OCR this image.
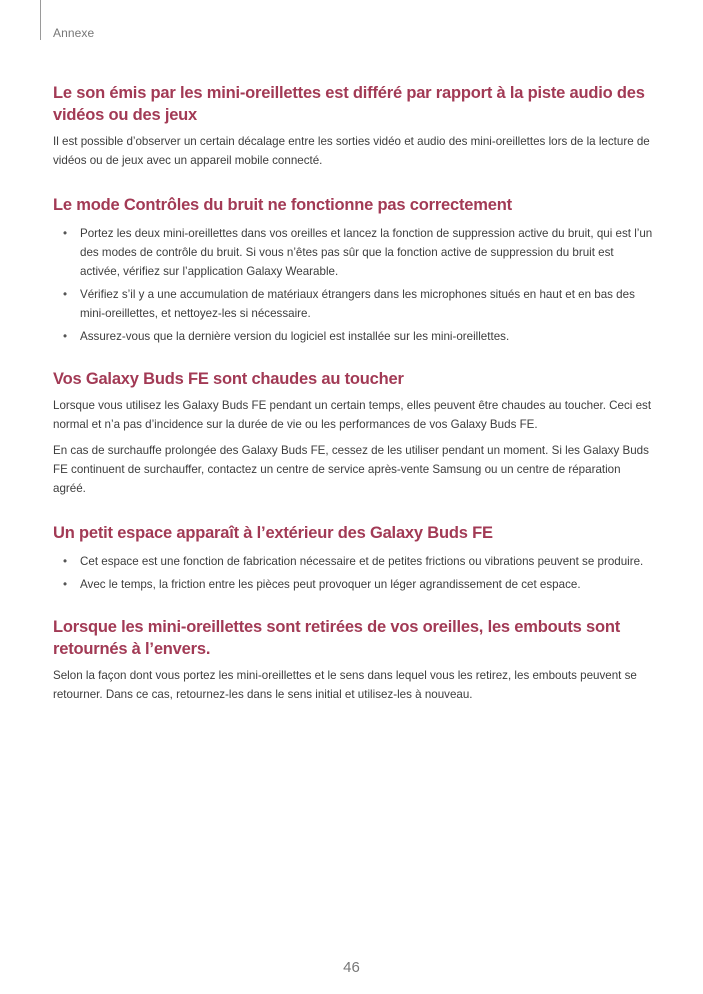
Annexe
Le son émis par les mini-oreillettes est différé par rapport à la piste audio des vidéos ou des jeux

Il est possible d’observer un certain décalage entre les sorties vidéo et audio des mini-oreillettes lors de la lecture de vidéos ou de jeux avec un appareil mobile connecté.

Le mode Contrôles du bruit ne fonctionne pas correctement
• Portez les deux mini-oreillettes dans vos oreilles et lancez la fonction de suppression active du bruit, qui est l’un des modes de contrôle du bruit. Si vous n’êtes pas sûr que la fonction active de suppression du bruit est activée, vérifiez sur l’application Galaxy Wearable.
• Vérifiez s’il y a une accumulation de matériaux étrangers dans les microphones situés en haut et en bas des mini-oreillettes, et nettoyez-les si nécessaire.
• Assurez-vous que la dernière version du logiciel est installée sur les mini-oreillettes.
Vos Galaxy Buds FE sont chaudes au toucher

Lorsque vous utilisez les Galaxy Buds FE pendant un certain temps, elles peuvent être chaudes au toucher. Ceci est normal et n’a pas d’incidence sur la durée de vie ou les performances de vos Galaxy Buds FE.

En cas de surchauffe prolongée des Galaxy Buds FE, cessez de les utiliser pendant un moment. Si les Galaxy Buds FE continuent de surchauffer, contactez un centre de service après-vente Samsung ou un centre de réparation agréé.

Un petit espace apparaît à l’extérieur des Galaxy Buds FE
• Cet espace est une fonction de fabrication nécessaire et de petites frictions ou vibrations peuvent se produire.
• Avec le temps, la friction entre les pièces peut provoquer un léger agrandissement de cet espace.
Lorsque les mini-oreillettes sont retirées de vos oreilles, les embouts sont retournés à l’envers.

Selon la façon dont vous portez les mini-oreillettes et le sens dans lequel vous les retirez, les embouts peuvent se retourner. Dans ce cas, retournez-les dans le sens initial et utilisez-les à nouveau.

46
